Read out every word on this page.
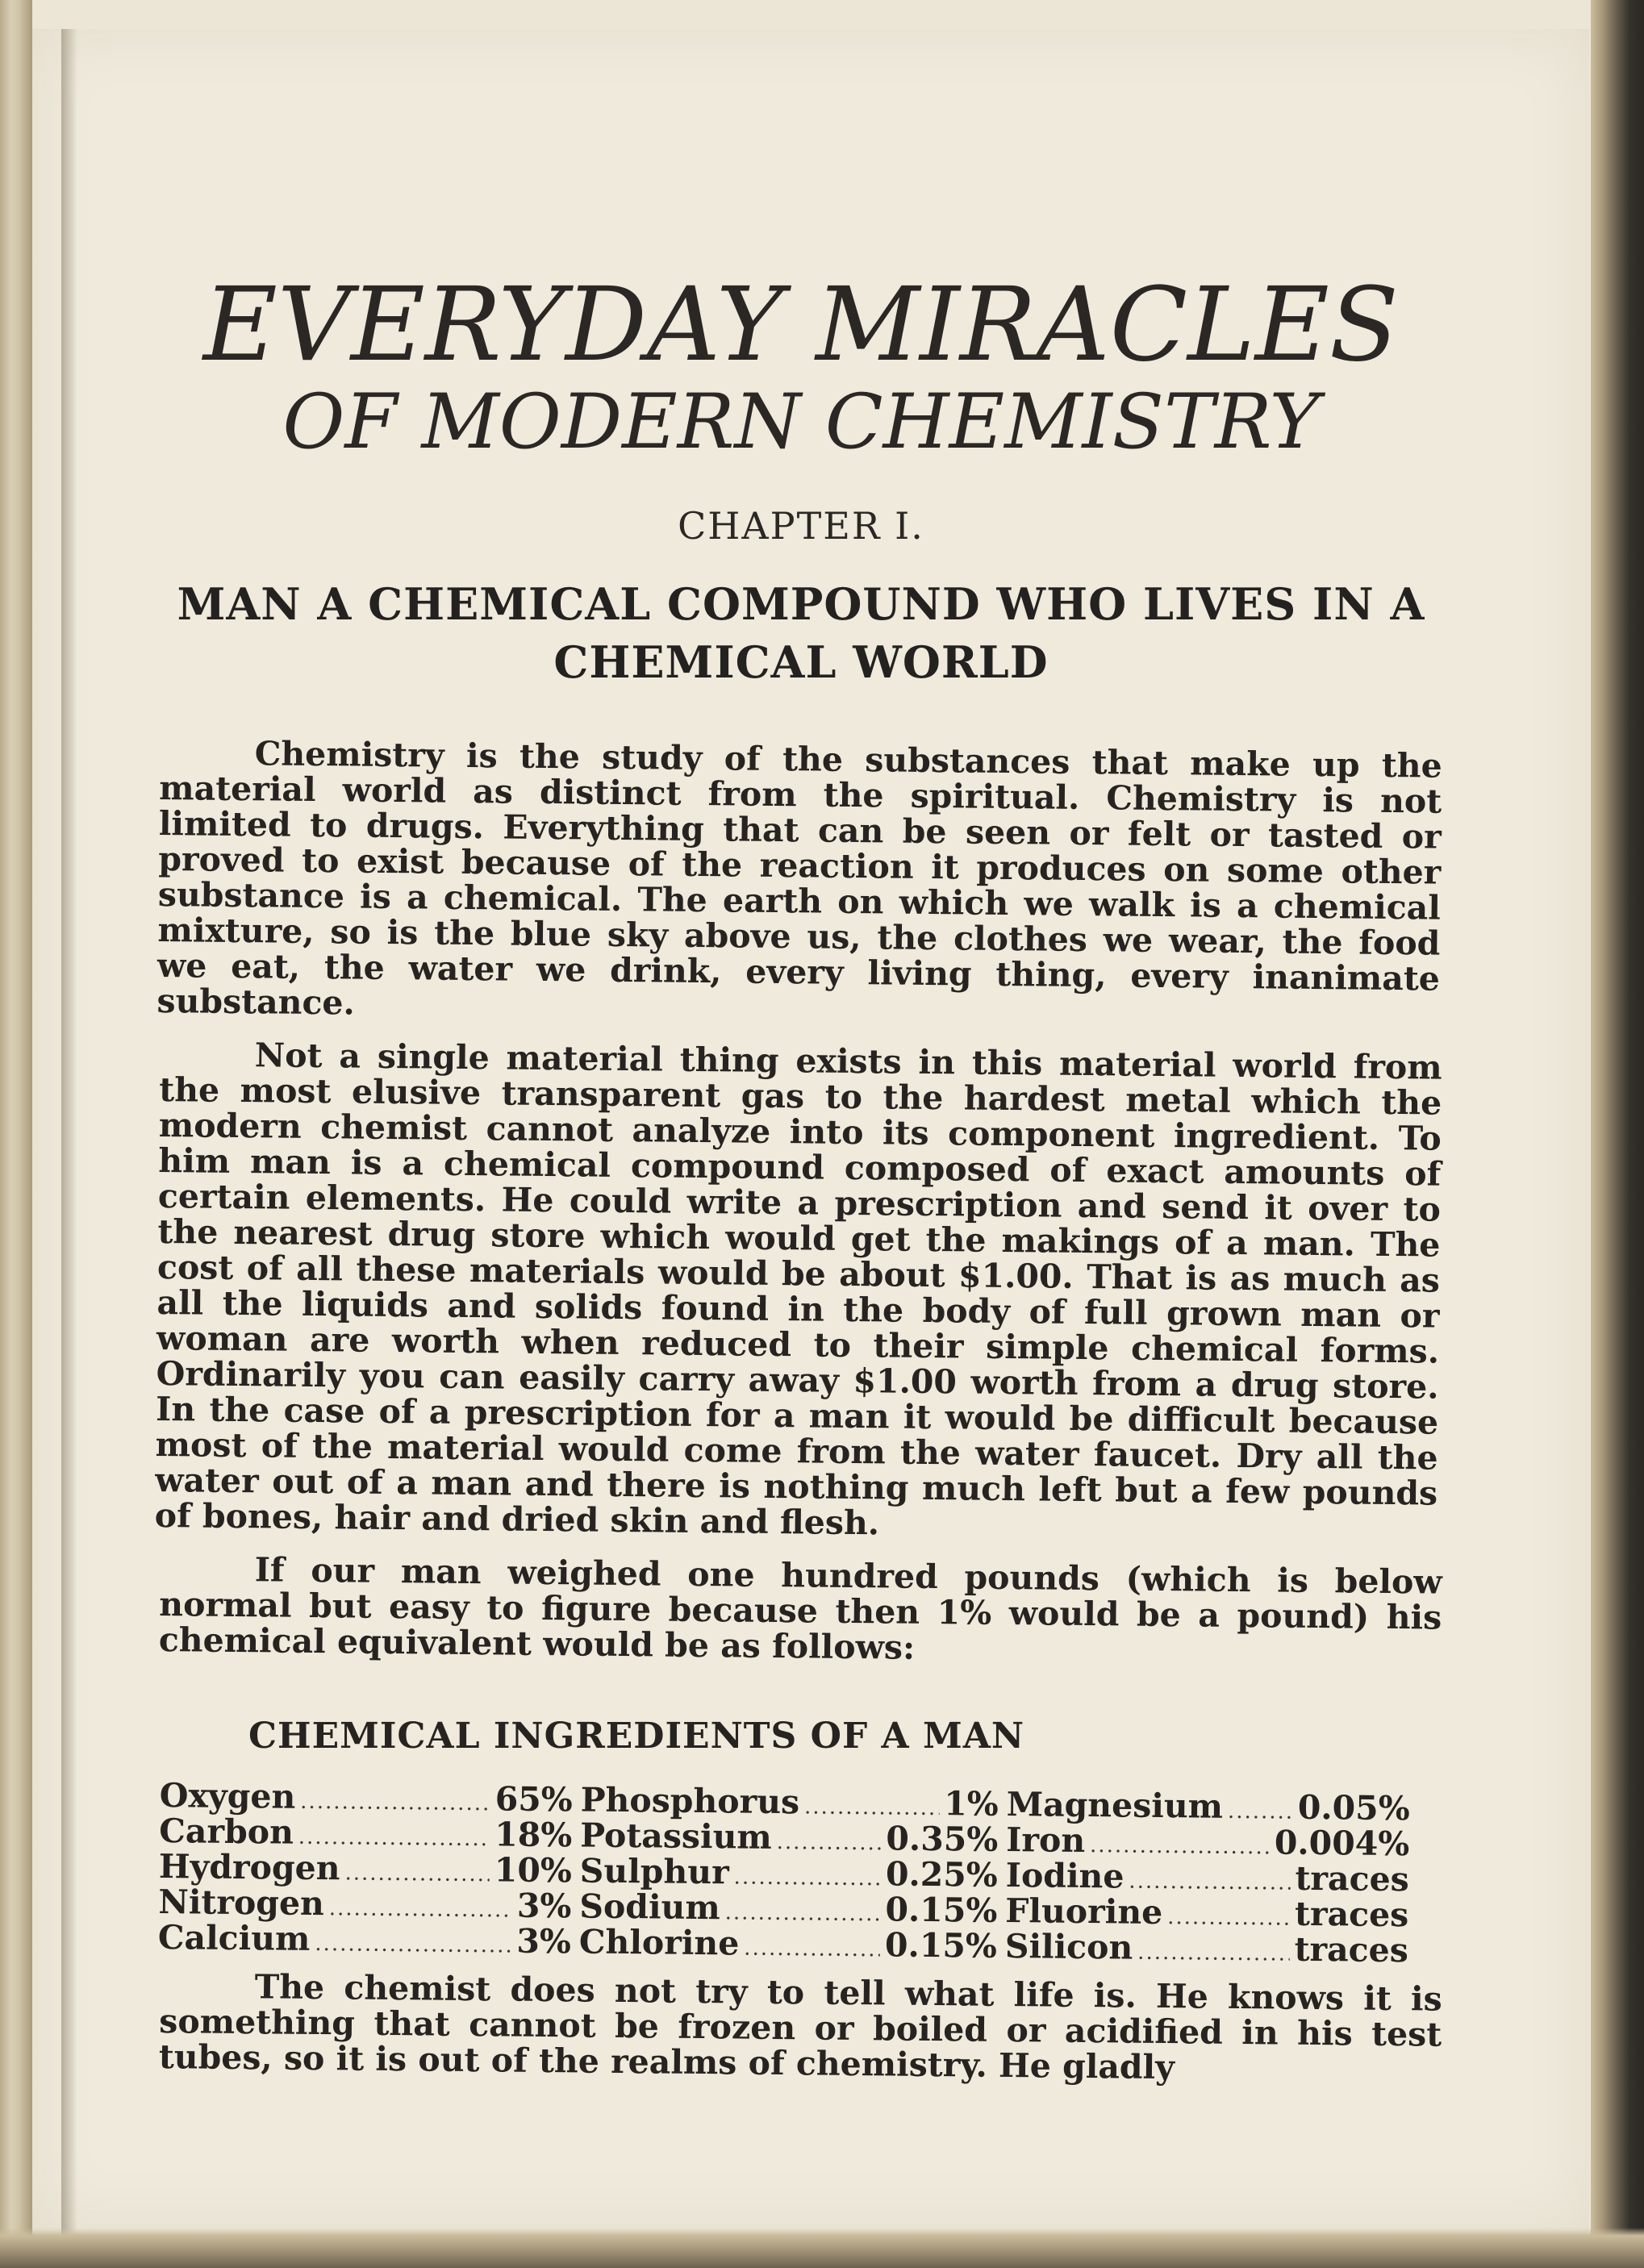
EVERYDAY MIRACLES
OF MODERN CHEMISTRY
CHAPTER I.
MAN A CHEMICAL COMPOUND WHO LIVES IN A
CHEMICAL WORLD

Chemistry is the study of the substances that make up the material world as distinct from the spiritual. Chemistry is not limited to drugs. Everything that can be seen or felt or tasted or proved to exist because of the reaction it produces on some other substance is a chemical. The earth on which we walk is a chemical mixture, so is the blue sky above us, the clothes we wear, the food we eat, the water we drink, every living thing, every inanimate substance.

Not a single material thing exists in this material world from the most elusive transparent gas to the hardest metal which the modern chemist cannot analyze into its component ingredient. To him man is a chemical compound composed of exact amounts of certain elements. He could write a prescription and send it over to the nearest drug store which would get the makings of a man. The cost of all these materials would be about $1.00. That is as much as all the liquids and solids found in the body of full grown man or woman are worth when reduced to their simple chemical forms. Ordinarily you can easily carry away $1.00 worth from a drug store. In the case of a prescription for a man it would be difficult because most of the material would come from the water faucet. Dry all the water out of a man and there is nothing much left but a few pounds of bones, hair and dried skin and flesh.

If our man weighed one hundred pounds (which is below normal but easy to figure because then 1% would be a pound) his chemical equivalent would be as follows:

CHEMICAL INGREDIENTS OF A MAN
Oxygen .....	65%
Carbon .....	18%
Hydrogen .....	10%
Nitrogen .....	3%
Calcium .....	3%
Phosphorus .....	1%
Potassium .....	0.35%
Sulphur .....	0.25%
Sodium .....	0.15%
Chlorine .....	0.15%
Magnesium ..... 0.05%
Iron .....	0.004%
Iodine .....	traces
Fluorine .....	traces
Silicon .....	traces

The chemist does not try to tell what life is. He knows it is something that cannot be frozen or boiled or acidified in his test tubes, so it is out of the realms of chemistry. He gladly
